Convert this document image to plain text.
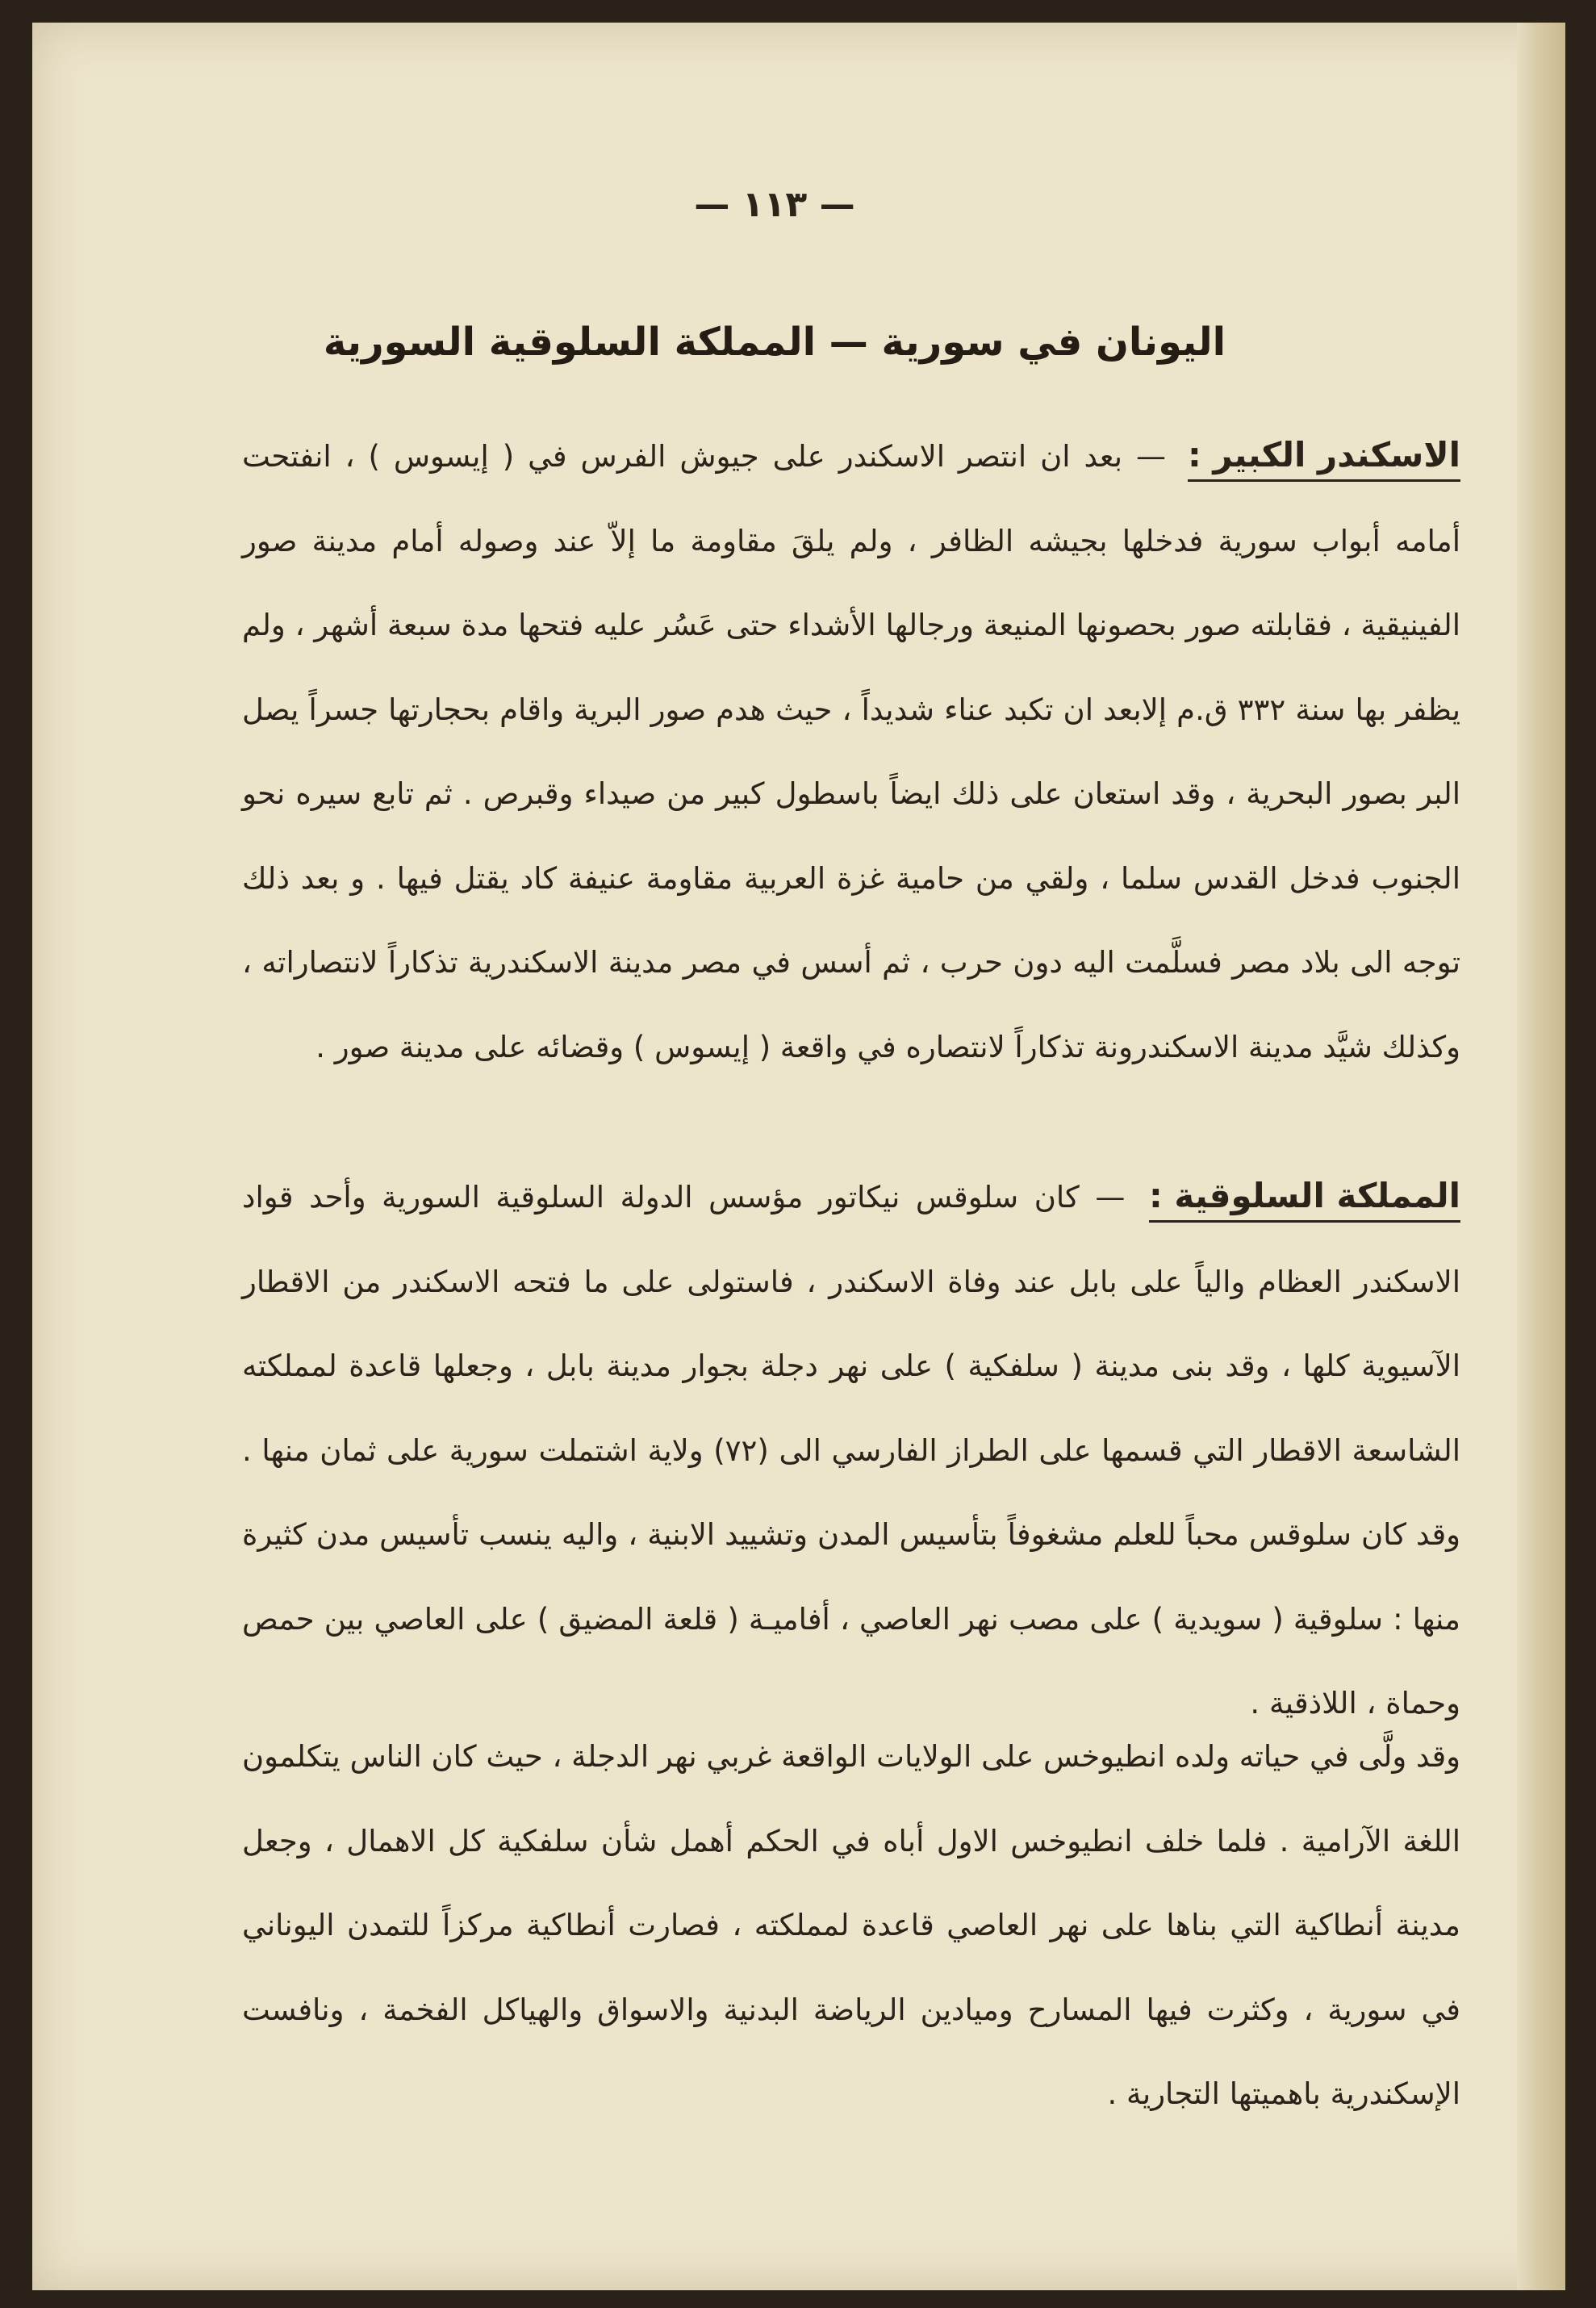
— ١١٣ —
اليونان في سورية — المملكة السلوقية السورية
الاسكندر الكبير : — بعد ان انتصر الاسكندر على جيوش الفرس في ( إيسوس ) ، انفتحت أمامه أبواب سورية فدخلها بجيشه الظافر ، ولم يلقَ مقاومة ما إلاّ عند وصوله أمام مدينة صور الفينيقية ، فقابلته صور بحصونها المنيعة ورجالها الأشداء حتى عَسُر عليه فتحها مدة سبعة أشهر ، ولم يظفر بها سنة ٣٣٢ ق.م إلابعد ان تكبد عناء شديداً ، حيث هدم صور البرية واقام بحجارتها جسراً يصل البر بصور البحرية ، وقد استعان على ذلك ايضاً باسطول كبير من صيداء وقبرص . ثم تابع سيره نحو الجنوب فدخل القدس سلما ، ولقي من حامية غزة العربية مقاومة عنيفة كاد يقتل فيها . و بعد ذلك توجه الى بلاد مصر فسلَّمت اليه دون حرب ، ثم أسس في مصر مدينة الاسكندرية تذكاراً لانتصاراته ، وكذلك شيَّد مدينة الاسكندرونة تذكاراً لانتصاره في واقعة ( إيسوس ) وقضائه على مدينة صور .
المملكة السلوقية : — كان سلوقس نيكاتور مؤسس الدولة السلوقية السورية وأحد قواد الاسكندر العظام والياً على بابل عند وفاة الاسكندر ، فاستولى على ما فتحه الاسكندر من الاقطار الآسيوية كلها ، وقد بنى مدينة ( سلفكية ) على نهر دجلة بجوار مدينة بابل ، وجعلها قاعدة لمملكته الشاسعة الاقطار التي قسمها على الطراز الفارسي الى (٧٢) ولاية اشتملت سورية على ثمان منها . وقد كان سلوقس محباً للعلم مشغوفاً بتأسيس المدن وتشييد الابنية ، واليه ينسب تأسيس مدن كثيرة منها : سلوقية ( سويدية ) على مصب نهر العاصي ، أفاميـة ( قلعة المضيق ) على العاصي بين حمص وحماة ، اللاذقية .
وقد ولَّى في حياته ولده انطيوخس على الولايات الواقعة غربي نهر الدجلة ، حيث كان الناس يتكلمون اللغة الآرامية . فلما خلف انطيوخس الاول أباه في الحكم أهمل شأن سلفكية كل الاهمال ، وجعل مدينة أنطاكية التي بناها على نهر العاصي قاعدة لمملكته ، فصارت أنطاكية مركزاً للتمدن اليوناني في سورية ، وكثرت فيها المسارح وميادين الرياضة البدنية والاسواق والهياكل الفخمة ، ونافست الإسكندرية باهميتها التجارية .
